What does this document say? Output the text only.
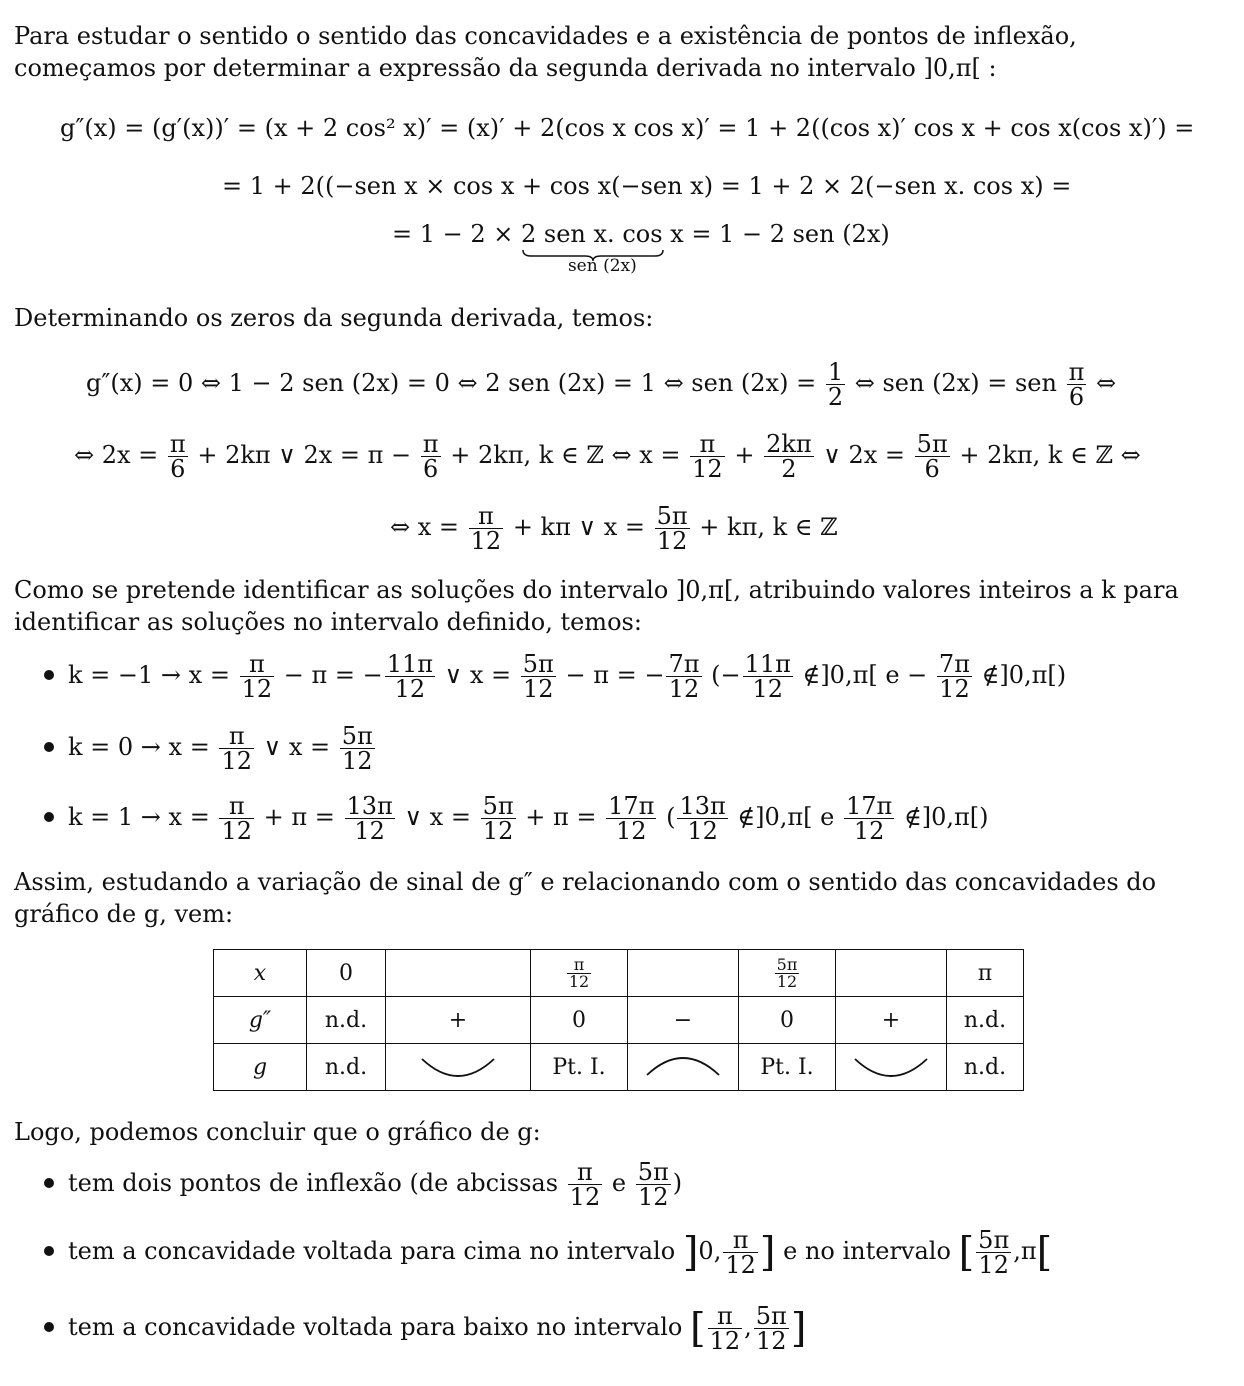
Para estudar o sentido o sentido das concavidades e a existência de pontos de inflexão, começamos por determinar a expressão da segunda derivada no intervalo ]0,π[ :
g″(x) = (g′(x))′ = (x + 2 cos² x)′ = (x)′ + 2(cos x cos x)′ = 1 + 2((cos x)′ cos x + cos x(cos x)′) =
= 1 + 2((−sen x × cos x + cos x(−sen x) = 1 + 2 × 2(−sen x. cos x) =
= 1 − 2 × 2 sen x. cos x
sen (2x)
= 1 − 2 sen (2x)
Determinando os zeros da segunda derivada, temos:
g″(x) = 0 ⇔ 1 − 2 sen (2x) = 0 ⇔ 2 sen (2x) = 1 ⇔ sen $(2x) = \frac{1}{2}$ ⇔ sen (2x) = sen $\frac{\pi}{6}$ ⇔
⇔ $2x = \frac{\pi}{6} + 2k\pi$ ∨ $2x = \pi - \frac{\pi}{6} + 2k\pi$, k ∈ ℤ ⇔ $x = \frac{\pi}{12} + \frac{2k\pi}{2}$ ∨ $2x = \frac{5\pi}{6} + 2k\pi$, k ∈ ℤ ⇔
⇔ $x = \frac{\pi}{12} + k\pi$ ∨ $x = \frac{5\pi}{12} + k\pi$, k ∈ ℤ
Como se pretende identificar as soluções do intervalo ]0,π[, atribuindo valores inteiros a k para identificar as soluções no intervalo definido, temos:
$k = -1 \to x = \frac{\pi}{12} - \pi$ = − $\frac{11\pi}{12}$ ∨ $x = \frac{5\pi}{12} - \pi$ = − $\frac{7\pi}{12}$ (− $\frac{11\pi}{12}$ ∉]0,π[ $e - \frac{7\pi}{12}$ ∉]0,π[)
$k = 0 \to x = \frac{\pi}{12}$ ∨ $x = \frac{5\pi}{12}$
$k = 1 \to x = \frac{\pi}{12} + \pi = \frac{13\pi}{12}$ ∨ $x = \frac{5\pi}{12} + \pi = \frac{17\pi}{12}$ ( $\frac{13\pi}{12}$ ∉]0,π[ e $\frac{17\pi}{12}$ ∉]0,π[)
Assim, estudando a variação de sinal de g″ e relacionando com o sentido das concavidades do gráfico de g, vem:
x	0		$\frac{\pi}{12}$		$\frac{5\pi}{12}$		π
g″	n.d.	+	0	−	0	+	n.d.
g	n.d.		Pt. I.		Pt. I.		n.d.
Logo, podemos concluir que o gráfico de g:
tem dois pontos de inflexão (de abcissas $\frac{\pi}{12}$ e $\frac{5\pi}{12}$ )
tem a concavidade voltada para cima no intervalo ]0, $\frac{\pi}{12}$ ] e no intervalo [ $\frac{5\pi}{12} ,\pi$[
tem a concavidade voltada para baixo no intervalo [ $\frac{\pi}{12}$ , $\frac{5\pi}{12}$ ]
